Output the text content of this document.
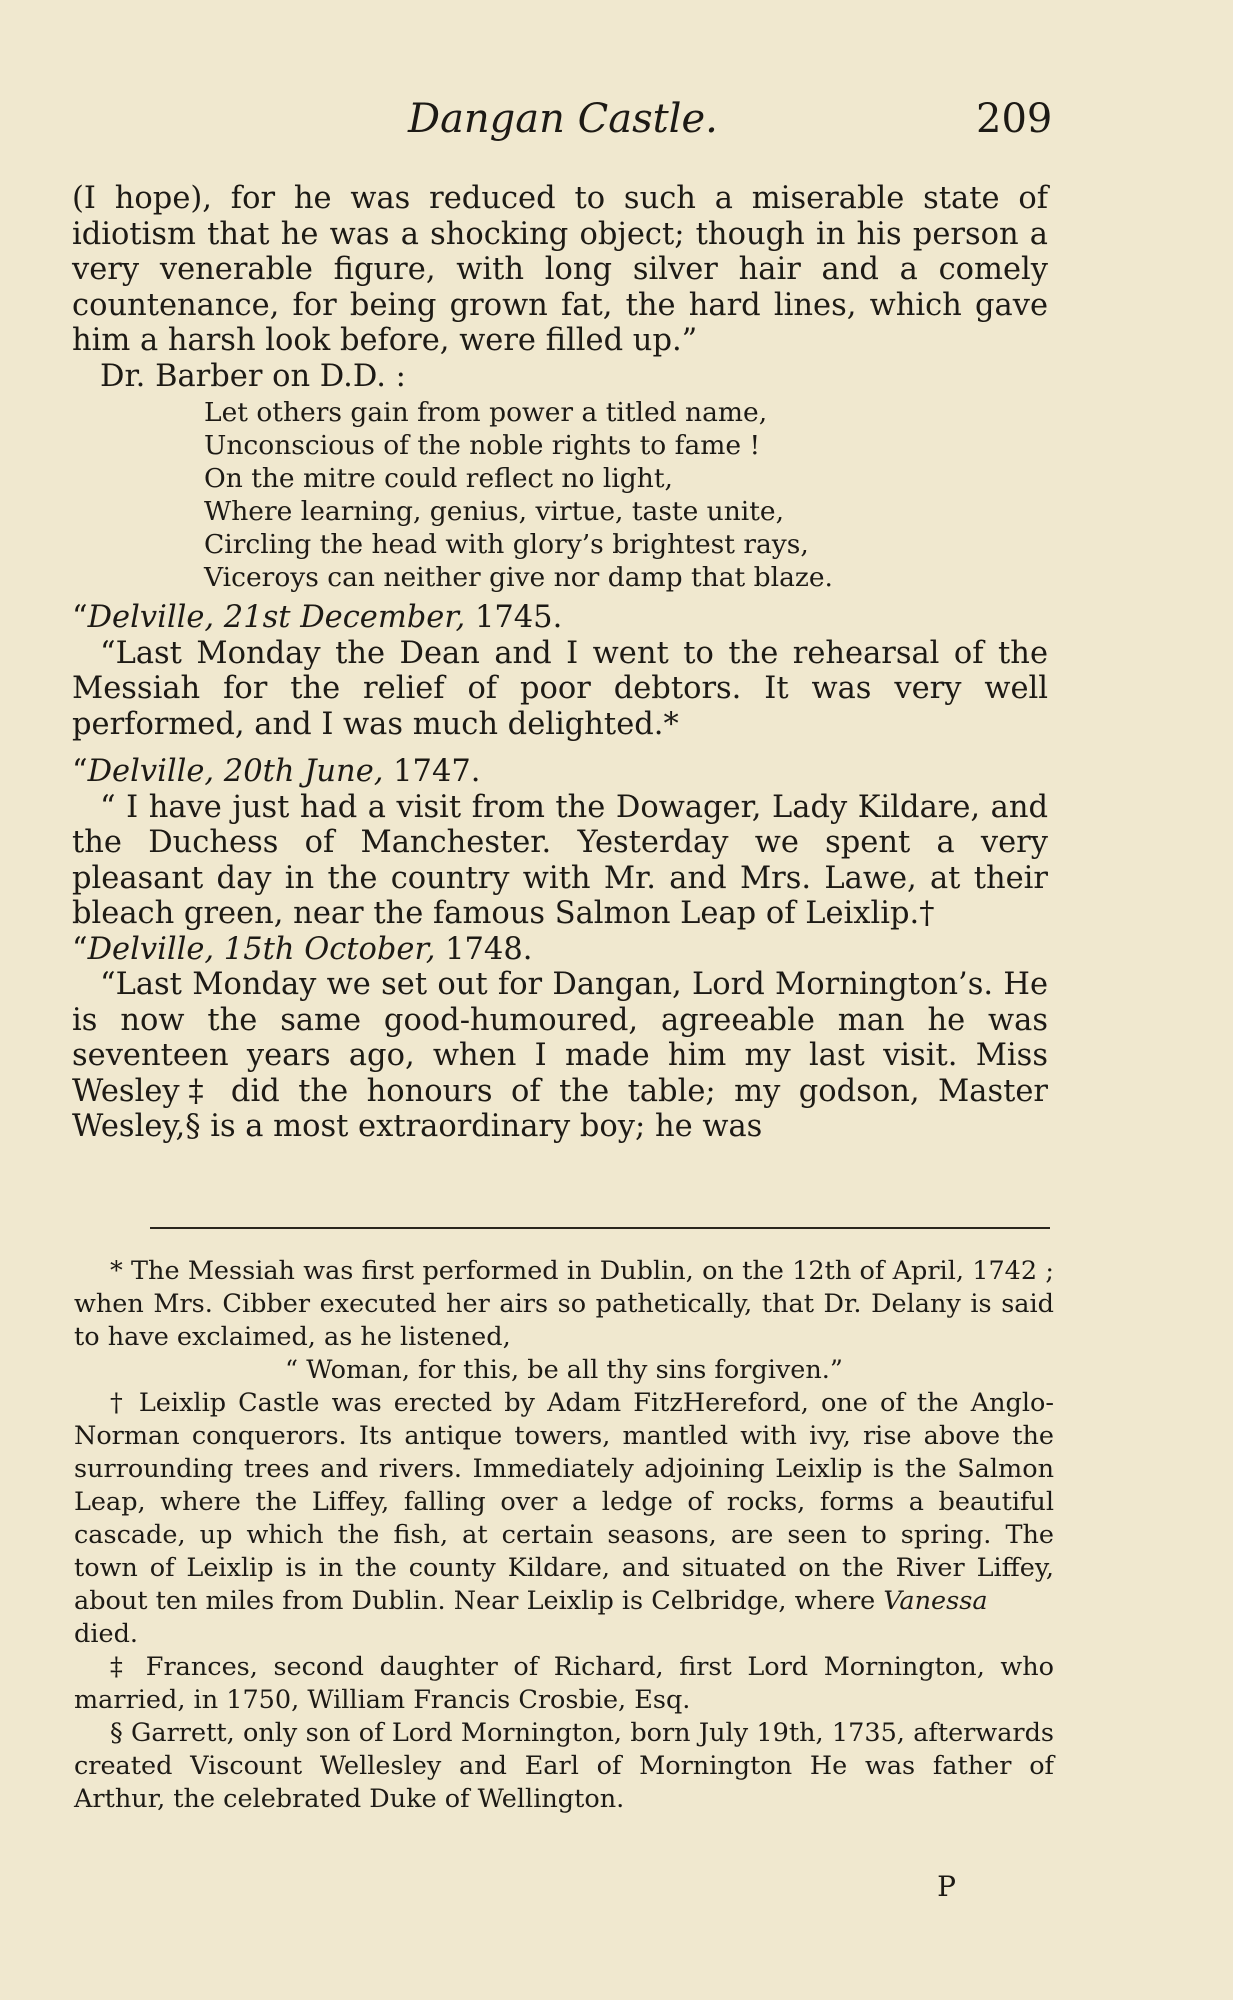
Dangan Castle.	209

(I hope), for he was reduced to such a miserable state of idiotism that he was a shocking object; though in his person a very venerable figure, with long silver hair and a comely countenance, for being grown fat, the hard lines, which gave him a harsh look before, were filled up.”

Dr. Barber on D.D. :

Let others gain from power a titled name,
Unconscious of the noble rights to fame !
On the mitre could reflect no light,
Where learning, genius, virtue, taste unite,
Circling the head with glory’s brightest rays,
Viceroys can neither give nor damp that blaze.

“Delville, 21st December, 1745.

“Last Monday the Dean and I went to the rehearsal of the Messiah for the relief of poor debtors. It was very well performed, and I was much delighted.*

“Delville, 20th June, 1747.

“ I have just had a visit from the Dowager, Lady Kildare, and the Duchess of Manchester. Yesterday we spent a very pleasant day in the country with Mr. and Mrs. Lawe, at their bleach green, near the famous Salmon Leap of Leixlip.†

“Delville, 15th October, 1748.

“Last Monday we set out for Dangan, Lord Mornington’s. He is now the same good-humoured, agreeable man he was seventeen years ago, when I made him my last visit. Miss Wesley‡ did the honours of the table; my godson, Master Wesley,§ is a most extraordinary boy; he was

* The Messiah was first performed in Dublin, on the 12th of April, 1742 ; when Mrs. Cibber executed her airs so pathetically, that Dr. Delany is said to have exclaimed, as he listened,

“ Woman, for this, be all thy sins forgiven.”

† Leixlip Castle was erected by Adam FitzHereford, one of the Anglo-Norman conquerors. Its antique towers, mantled with ivy, rise above the surrounding trees and rivers. Immediately adjoining Leixlip is the Salmon Leap, where the Liffey, falling over a ledge of rocks, forms a beautiful cascade, up which the fish, at certain seasons, are seen to spring. The town of Leixlip is in the county Kildare, and situated on the River Liffey, about ten miles from Dublin. Near Leixlip is Celbridge, where Vanessa

died.

‡ Frances, second daughter of Richard, first Lord Mornington, who married, in 1750, William Francis Crosbie, Esq.

§ Garrett, only son of Lord Mornington, born July 19th, 1735, afterwards created Viscount Wellesley and Earl of Mornington He was father of Arthur, the celebrated Duke of Wellington.

P
